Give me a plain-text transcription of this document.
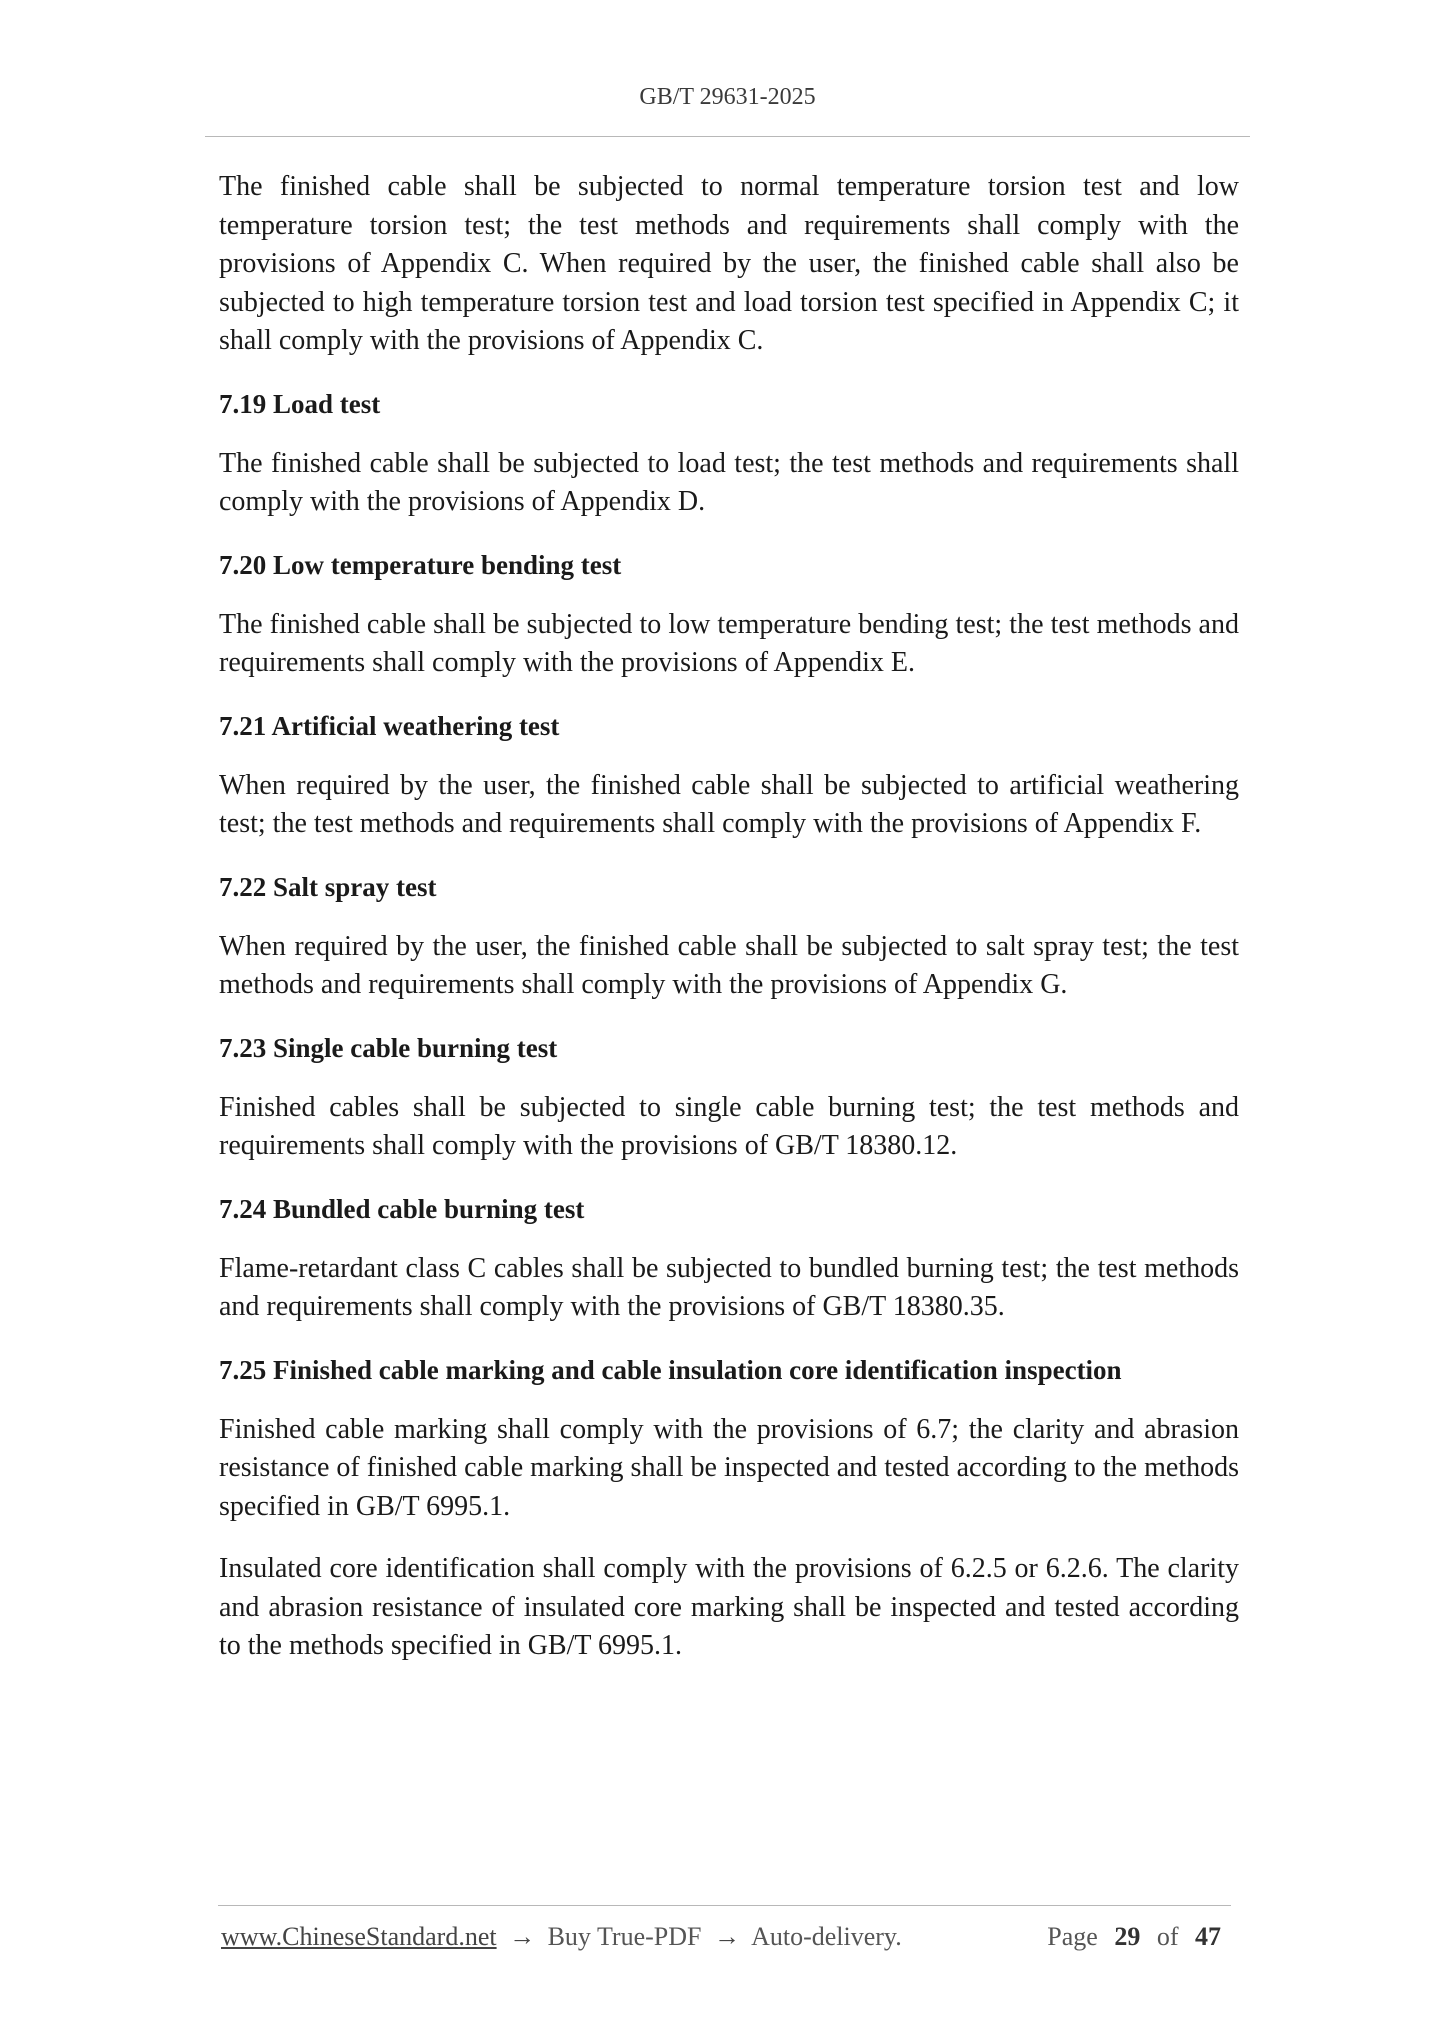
GB/T 29631-2025

The finished cable shall be subjected to normal temperature torsion test and low temperature torsion test; the test methods and requirements shall comply with the provisions of Appendix C. When required by the user, the finished cable shall also be subjected to high temperature torsion test and load torsion test specified in Appendix C; it shall comply with the provisions of Appendix C.

7.19 Load test

The finished cable shall be subjected to load test; the test methods and requirements shall comply with the provisions of Appendix D.

7.20 Low temperature bending test

The finished cable shall be subjected to low temperature bending test; the test methods and requirements shall comply with the provisions of Appendix E.

7.21 Artificial weathering test

When required by the user, the finished cable shall be subjected to artificial weathering test; the test methods and requirements shall comply with the provisions of Appendix F.

7.22 Salt spray test

When required by the user, the finished cable shall be subjected to salt spray test; the test methods and requirements shall comply with the provisions of Appendix G.

7.23 Single cable burning test

Finished cables shall be subjected to single cable burning test; the test methods and requirements shall comply with the provisions of GB/T 18380.12.

7.24 Bundled cable burning test

Flame-retardant class C cables shall be subjected to bundled burning test; the test methods and requirements shall comply with the provisions of GB/T 18380.35.

7.25 Finished cable marking and cable insulation core identification inspection

Finished cable marking shall comply with the provisions of 6.7; the clarity and abrasion resistance of finished cable marking shall be inspected and tested according to the methods specified in GB/T 6995.1.

Insulated core identification shall comply with the provisions of 6.2.5 or 6.2.6. The clarity and abrasion resistance of insulated core marking shall be inspected and tested according to the methods specified in GB/T 6995.1.

www.ChineseStandard.net → Buy True-PDF → Auto-delivery.	Page 29 of 47
